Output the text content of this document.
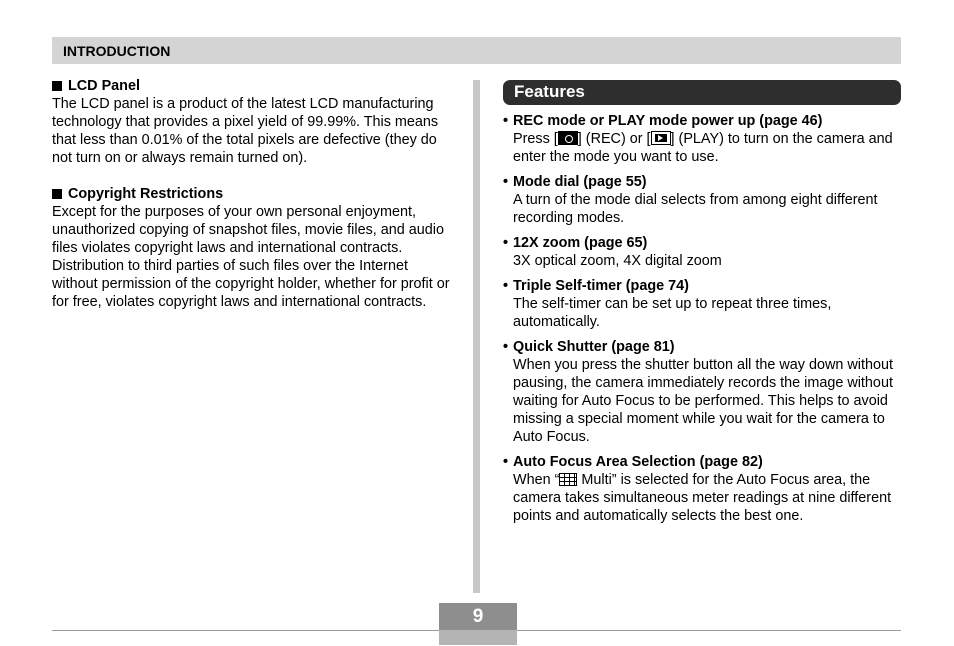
INTRODUCTION
LCD Panel

The LCD panel is a product of the latest LCD manufacturing technology that provides a pixel yield of 99.99%. This means that less than 0.01% of the total pixels are defective (they do not turn on or always remain turned on).

Copyright Restrictions

Except for the purposes of your own personal enjoyment, unauthorized copying of snapshot files, movie files, and audio files violates copyright laws and international contracts.

Distribution to third parties of such files over the Internet without permission of the copyright holder, whether for profit or for free, violates copyright laws and international contracts.

Features
• REC mode or PLAY mode power up (page 46)
Press [ ] (REC) or [ ] (PLAY) to turn on the camera and enter the mode you want to use.
• Mode dial (page 55)
A turn of the mode dial selects from among eight different recording modes.
• 12X zoom (page 65)
3X optical zoom, 4X digital zoom
• Triple Self-timer (page 74)
The self-timer can be set up to repeat three times, automatically.
• Quick Shutter (page 81)
When you press the shutter button all the way down without pausing, the camera immediately records the image without waiting for Auto Focus to be performed. This helps to avoid missing a special moment while you wait for the camera to Auto Focus.
• Auto Focus Area Selection (page 82)
When “ Multi” is selected for the Auto Focus area, the camera takes simultaneous meter readings at nine different points and automatically selects the best one.
9
